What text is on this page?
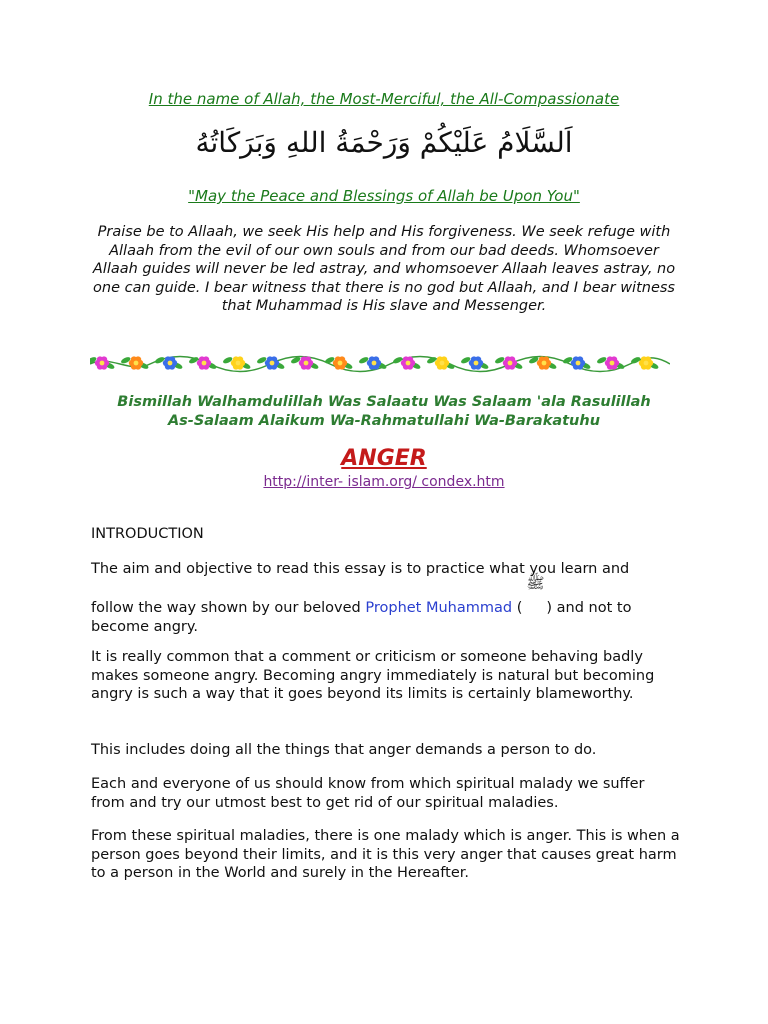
In the name of Allah, the Most-Merciful, the All-Compassionate
اَلسَّلَامُ عَلَيْكُمْ وَرَحْمَةُ اللهِ وَبَرَكَاتُهُ
"May the Peace and Blessings of Allah be Upon You"
Praise be to Allaah, we seek His help and His forgiveness. We seek refuge with Allaah from the evil of our own souls and from our bad deeds. Whomsoever Allaah guides will never be led astray, and whomsoever Allaah leaves astray, no one can guide. I bear witness that there is no god but Allaah, and I bear witness that Muhammad is His slave and Messenger.
Bismillah Walhamdulillah Was Salaatu Was Salaam 'ala Rasulillah
As-Salaam Alaikum Wa-Rahmatullahi Wa-Barakatuhu
ANGER
http://inter- islam.org/ condex.htm
INTRODUCTION
The aim and objective to read this essay is to practice what you learn and
follow the way shown by our beloved Prophet Muhammad (
ﷺ
) and not to become angry.
It is really common that a comment or criticism or someone behaving badly makes someone angry. Becoming angry immediately is natural but becoming angry is such a way that it goes beyond its limits is certainly blameworthy.
This includes doing all the things that anger demands a person to do.
Each and everyone of us should know from which spiritual malady we suffer from and try our utmost best to get rid of our spiritual maladies.
From these spiritual maladies, there is one malady which is anger. This is when a person goes beyond their limits, and it is this very anger that causes great harm to a person in the World and surely in the Hereafter.
